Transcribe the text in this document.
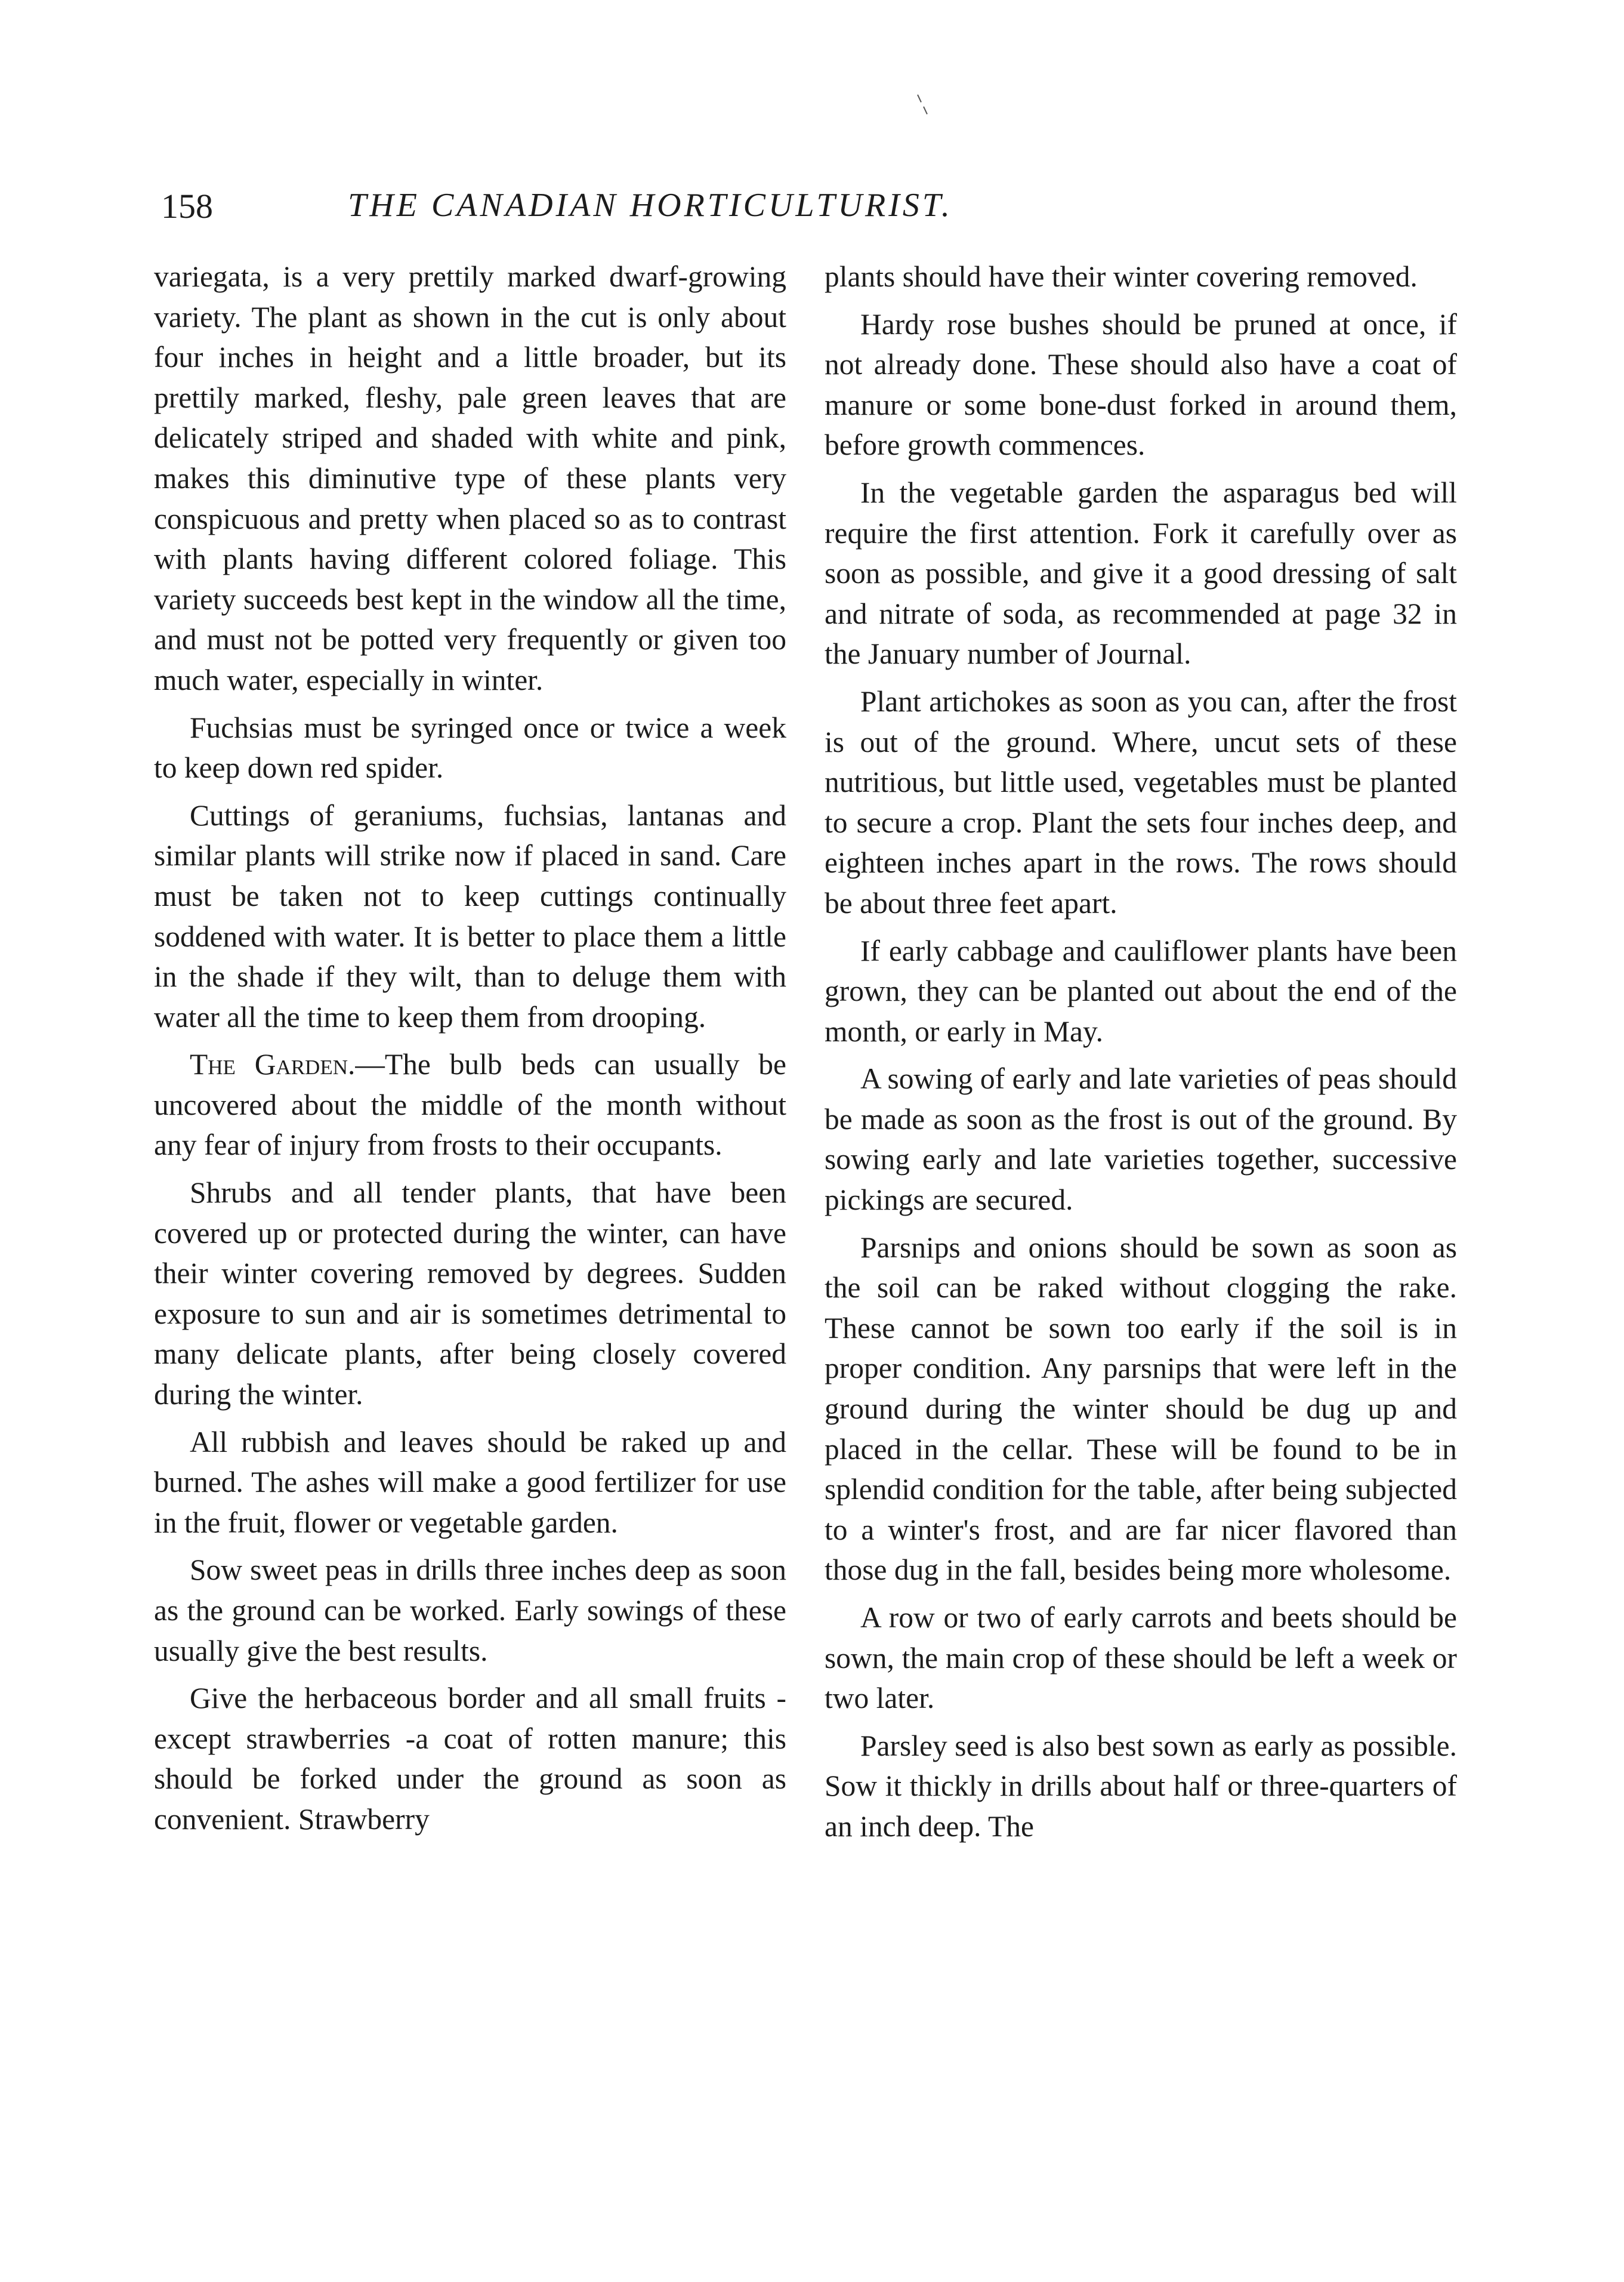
158	THE CANADIAN HORTICULTURIST.

variegata, is a very prettily marked dwarf-growing variety. The plant as shown in the cut is only about four inches in height and a little broader, but its prettily marked, fleshy, pale green leaves that are delicately striped and shaded with white and pink, makes this diminutive type of these plants very conspicuous and pretty when placed so as to contrast with plants having different colored foliage. This variety succeeds best kept in the window all the time, and must not be potted very frequently or given too much water, especially in winter.

Fuchsias must be syringed once or twice a week to keep down red spider.

Cuttings of geraniums, fuchsias, lantanas and similar plants will strike now if placed in sand. Care must be taken not to keep cuttings continually soddened with water. It is better to place them a little in the shade if they wilt, than to deluge them with water all the time to keep them from drooping.

The Garden.—The bulb beds can usually be uncovered about the middle of the month without any fear of injury from frosts to their occupants.

Shrubs and all tender plants, that have been covered up or protected during the winter, can have their winter covering removed by degrees. Sudden exposure to sun and air is sometimes detrimental to many delicate plants, after being closely covered during the winter.

All rubbish and leaves should be raked up and burned. The ashes will make a good fertilizer for use in the fruit, flower or vegetable garden.

Sow sweet peas in drills three inches deep as soon as the ground can be worked. Early sowings of these usually give the best results.

Give the herbaceous border and all small fruits -except strawberries -a coat of rotten manure; this should be forked under the ground as soon as convenient. Strawberry

plants should have their winter covering removed.

Hardy rose bushes should be pruned at once, if not already done. These should also have a coat of manure or some bone-dust forked in around them, before growth commences.

In the vegetable garden the asparagus bed will require the first attention. Fork it carefully over as soon as possible, and give it a good dressing of salt and nitrate of soda, as recommended at page 32 in the January number of Journal.

Plant artichokes as soon as you can, after the frost is out of the ground. Where, uncut sets of these nutritious, but little used, vegetables must be planted to secure a crop. Plant the sets four inches deep, and eighteen inches apart in the rows. The rows should be about three feet apart.

If early cabbage and cauliflower plants have been grown, they can be planted out about the end of the month, or early in May.

A sowing of early and late varieties of peas should be made as soon as the frost is out of the ground. By sowing early and late varieties together, successive pickings are secured.

Parsnips and onions should be sown as soon as the soil can be raked without clogging the rake. These cannot be sown too early if the soil is in proper condition. Any parsnips that were left in the ground during the winter should be dug up and placed in the cellar. These will be found to be in splendid condition for the table, after being subjected to a winter's frost, and are far nicer flavored than those dug in the fall, besides being more wholesome.

A row or two of early carrots and beets should be sown, the main crop of these should be left a week or two later.

Parsley seed is also best sown as early as possible. Sow it thickly in drills about half or three-quarters of an inch deep. The
